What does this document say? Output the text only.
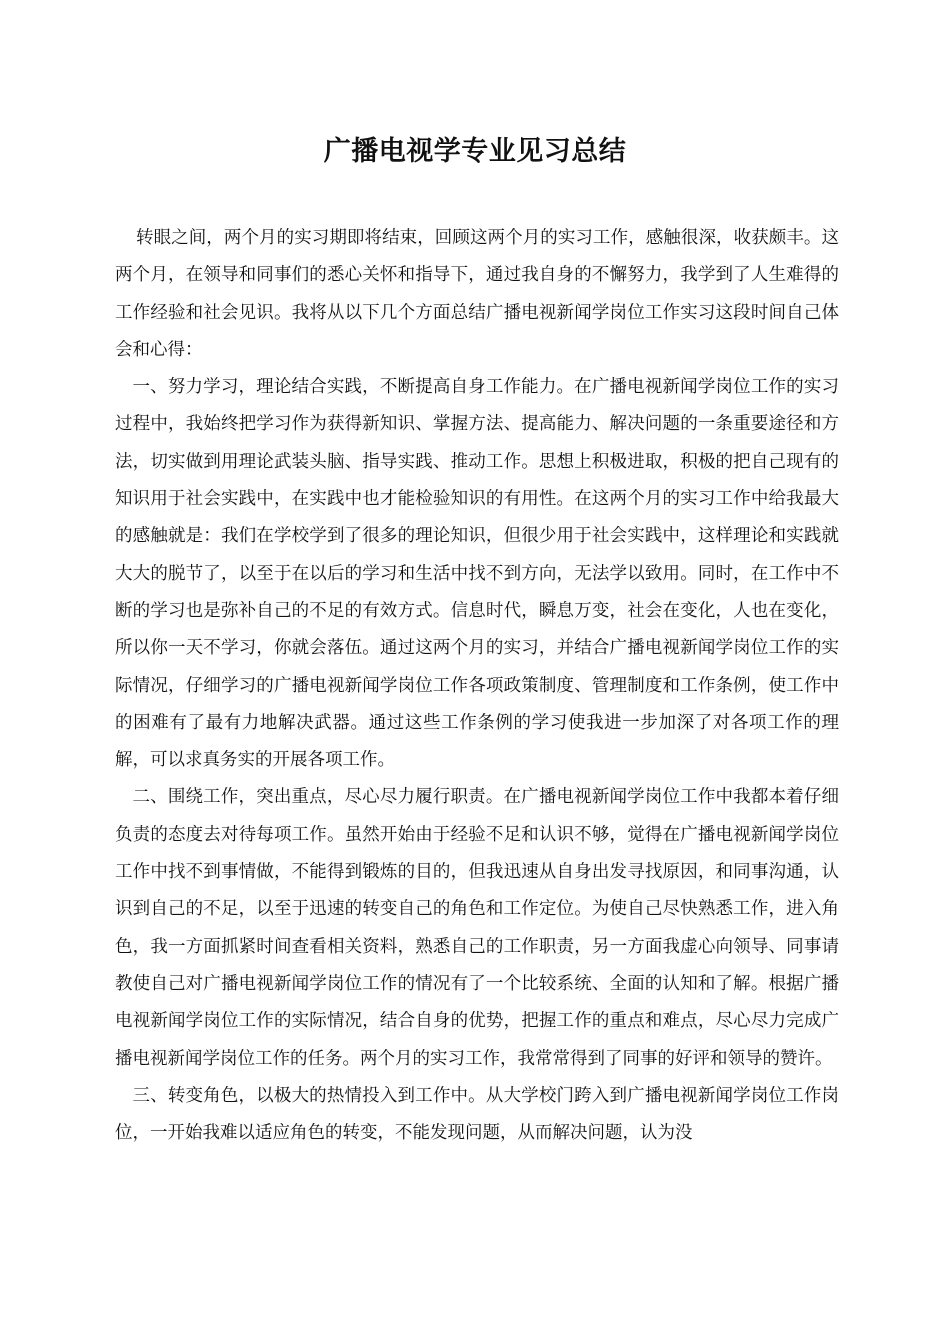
广播电视学专业见习总结

转眼之间，两个月的实习期即将结束，回顾这两个月的实习工作，感触很深，收获颇丰。这两个月，在领导和同事们的悉心关怀和指导下，通过我自身的不懈努力，我学到了人生难得的工作经验和社会见识。我将从以下几个方面总结广播电视新闻学岗位工作实习这段时间自己体会和心得：

一、努力学习，理论结合实践，不断提高自身工作能力。在广播电视新闻学岗位工作的实习过程中，我始终把学习作为获得新知识、掌握方法、提高能力、解决问题的一条重要途径和方法，切实做到用理论武装头脑、指导实践、推动工作。思想上积极进取，积极的把自己现有的知识用于社会实践中，在实践中也才能检验知识的有用性。在这两个月的实习工作中给我最大的感触就是：我们在学校学到了很多的理论知识，但很少用于社会实践中，这样理论和实践就大大的脱节了，以至于在以后的学习和生活中找不到方向，无法学以致用。同时，在工作中不断的学习也是弥补自己的不足的有效方式。信息时代，瞬息万变，社会在变化，人也在变化，所以你一天不学习，你就会落伍。通过这两个月的实习，并结合广播电视新闻学岗位工作的实际情况，仔细学习的广播电视新闻学岗位工作各项政策制度、管理制度和工作条例，使工作中的困难有了最有力地解决武器。通过这些工作条例的学习使我进一步加深了对各项工作的理解，可以求真务实的开展各项工作。

二、围绕工作，突出重点，尽心尽力履行职责。在广播电视新闻学岗位工作中我都本着仔细负责的态度去对待每项工作。虽然开始由于经验不足和认识不够，觉得在广播电视新闻学岗位工作中找不到事情做，不能得到锻炼的目的，但我迅速从自身出发寻找原因，和同事沟通，认识到自己的不足，以至于迅速的转变自己的角色和工作定位。为使自己尽快熟悉工作，进入角色，我一方面抓紧时间查看相关资料，熟悉自己的工作职责，另一方面我虚心向领导、同事请教使自己对广播电视新闻学岗位工作的情况有了一个比较系统、全面的认知和了解。根据广播电视新闻学岗位工作的实际情况，结合自身的优势，把握工作的重点和难点，尽心尽力完成广播电视新闻学岗位工作的任务。两个月的实习工作，我常常得到了同事的好评和领导的赞许。

三、转变角色，以极大的热情投入到工作中。从大学校门跨入到广播电视新闻学岗位工作岗位，一开始我难以适应角色的转变，不能发现问题，从而解决问题，认为没
